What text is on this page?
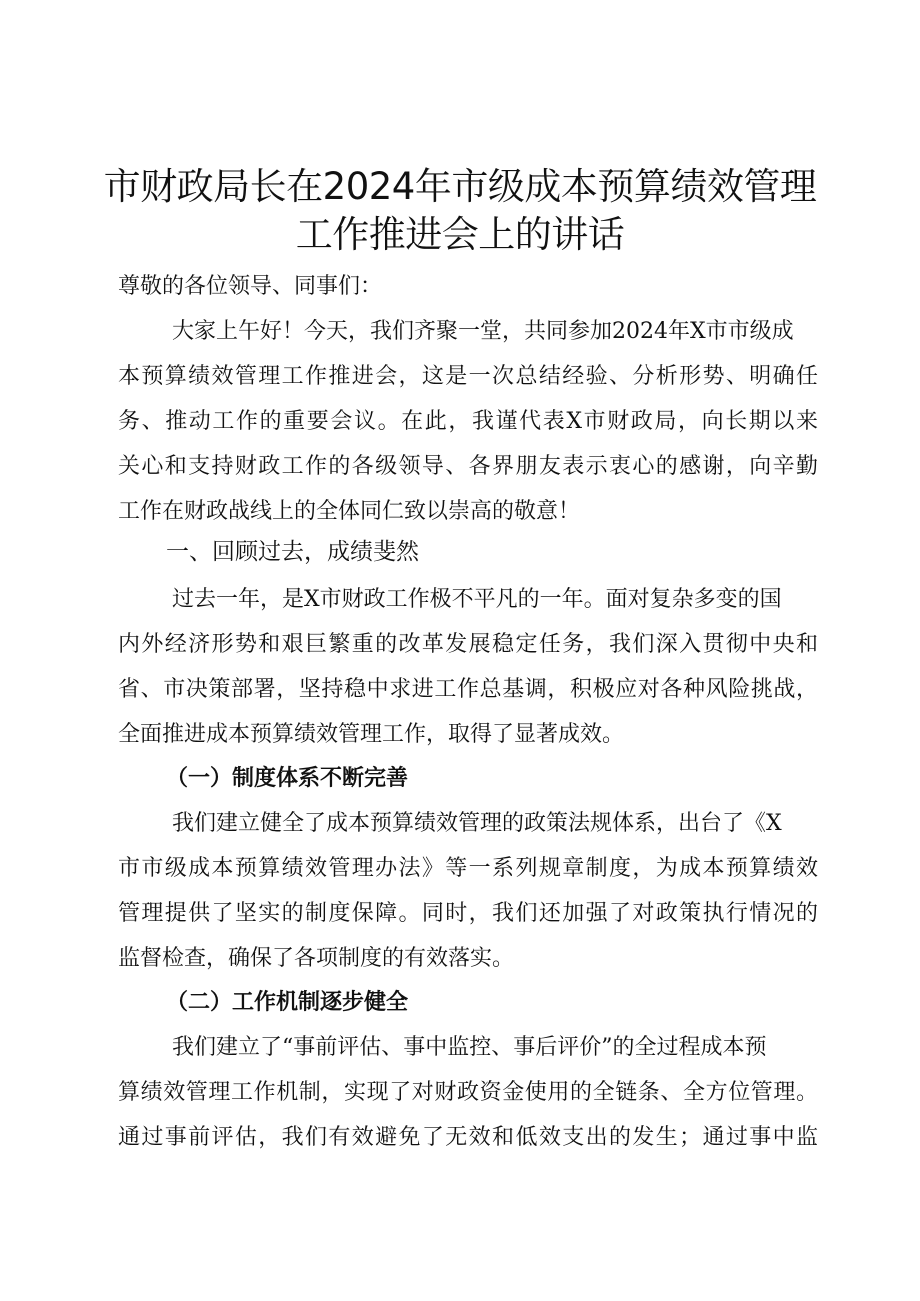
市财政局长在2024年市级成本预算绩效管理
工作推进会上的讲话
尊敬的各位领导、同事们：
大家上午好！今天，我们齐聚一堂，共同参加2024年X市市级成
本预算绩效管理工作推进会，这是一次总结经验、分析形势、明确任
务、推动工作的重要会议。在此，我谨代表X市财政局，向长期以来
关心和支持财政工作的各级领导、各界朋友表示衷心的感谢，向辛勤
工作在财政战线上的全体同仁致以崇高的敬意！
一、回顾过去，成绩斐然
过去一年，是X市财政工作极不平凡的一年。面对复杂多变的国
内外经济形势和艰巨繁重的改革发展稳定任务，我们深入贯彻中央和
省、市决策部署，坚持稳中求进工作总基调，积极应对各种风险挑战，
全面推进成本预算绩效管理工作，取得了显著成效。
（一）制度体系不断完善
我们建立健全了成本预算绩效管理的政策法规体系，出台了《X
市市级成本预算绩效管理办法》等一系列规章制度，为成本预算绩效
管理提供了坚实的制度保障。同时，我们还加强了对政策执行情况的
监督检查，确保了各项制度的有效落实。
（二）工作机制逐步健全
我们建立了“事前评估、事中监控、事后评价”的全过程成本预
算绩效管理工作机制，实现了对财政资金使用的全链条、全方位管理。
通过事前评估，我们有效避免了无效和低效支出的发生；通过事中监
